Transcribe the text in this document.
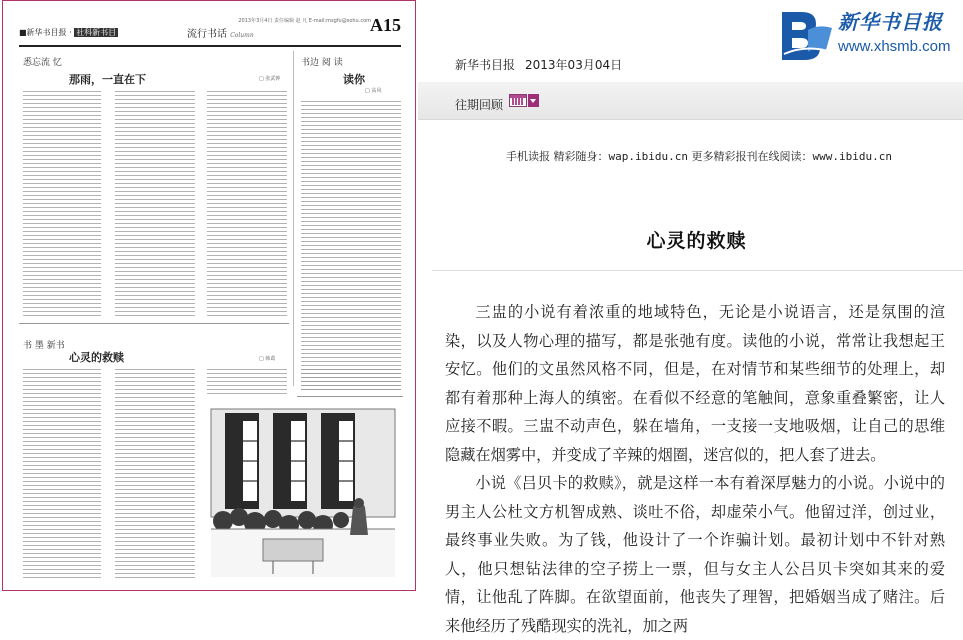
■新华书目报 · 社科新书目	流行书话 Column
2013年3月4日 责任编辑 赵 凡 E-mail:msgfu@sohu.com A15
悉忘流 忆
那雨，一直在下	□ 张武钟
书边 阅 读
读你
□ 高风
书 墨 新书
心灵的救赎	□ 韩葛
新华书目报
www.xhsmb.com
新华书目报 2013年03月04日
往期回顾
手机读报 精彩随身：wap.ibidu.cn 更多精彩报刊在线阅读：www.ibidu.cn
心灵的救赎

三盅的小说有着浓重的地域特色，无论是小说语言，还是氛围的渲染，以及人物心理的描写，都是张弛有度。读他的小说，常常让我想起王安忆。他们的文虽然风格不同，但是，在对情节和某些细节的处理上，却都有着那种上海人的缜密。在看似不经意的笔触间，意象重叠繁密，让人应接不暇。三盅不动声色，躲在墙角，一支接一支地吸烟，让自己的思维隐藏在烟雾中，并变成了辛辣的烟圈，迷宫似的，把人套了进去。

小说《吕贝卡的救赎》，就是这样一本有着深厚魅力的小说。小说中的男主人公杜文方机智成熟、谈吐不俗，却虚荣小气。他留过洋，创过业，最终事业失败。为了钱，他设计了一个诈骗计划。最初计划中不针对熟人，他只想钻法律的空子捞上一票，但与女主人公吕贝卡突如其来的爱情，让他乱了阵脚。在欲望面前，他丧失了理智，把婚姻当成了赌注。后来他经历了残酷现实的洗礼，加之两
